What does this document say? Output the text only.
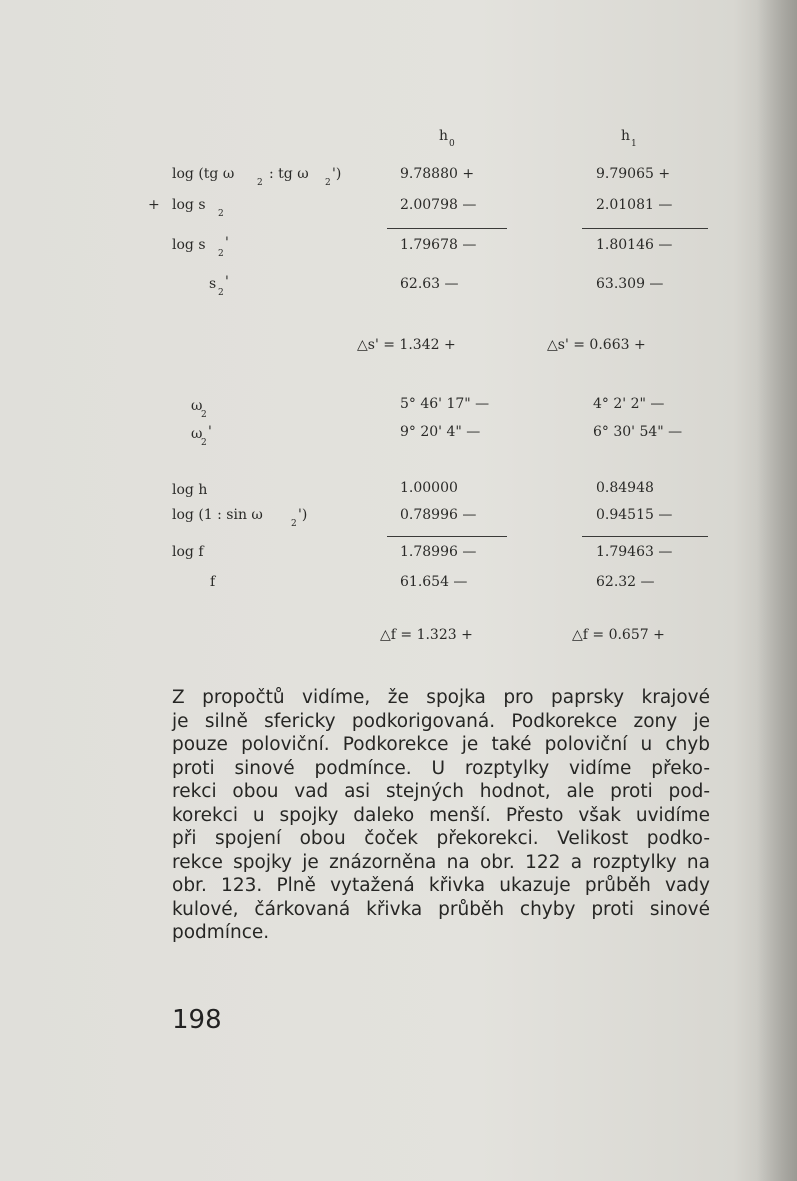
h 0	h 1
log (tg ω
2
: tg ω
2
')	9.78880 +	9.79065 +
+ log s
2
2.00798 —	2.01081 —
log s
2
'	1.79678 —	1.80146 —
s
2
'	62.63 —	63.309 —
△s' = 1.342 +	△s' = 0.663 +
ω
2
5° 46' 17" —	4° 2' 2" —
ω
2
'	9° 20' 4" —	6° 30' 54" —
log h	1.00000	0.84948
log (1 : sin ω
2
')	0.78996 —	0.94515 —
log f	1.78996 —	1.79463 —
f	61.654 —	62.32 —
△f = 1.323 +	△f = 0.657 +
Z propočtů vidíme, že spojka pro paprsky krajové
je silně sfericky podkorigovaná. Podkorekce zony je
pouze poloviční. Podkorekce je také poloviční u chyb
proti sinové podmínce. U rozptylky vidíme překo-
rekci obou vad asi stejných hodnot, ale proti pod-
korekci u spojky daleko menší. Přesto však uvidíme
při spojení obou čoček překorekci. Velikost podko-
rekce spojky je znázorněna na obr. 122 a rozptylky na
obr. 123. Plně vytažená křivka ukazuje průběh vady
kulové, čárkovaná křivka průběh chyby proti sinové
podmínce.
198
